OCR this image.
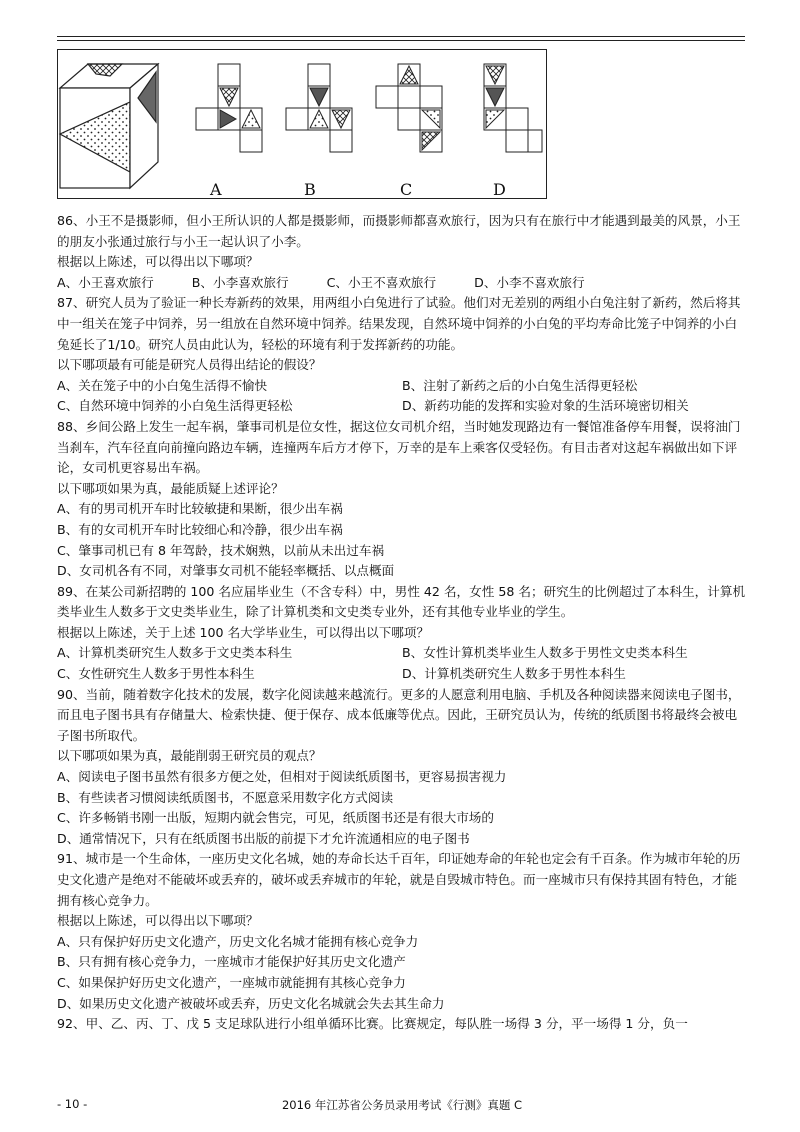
A	B	C	D

86、小王不是摄影师，但小王所认识的人都是摄影师，而摄影师都喜欢旅行，因为只有在旅行中才能遇到最美的风景，小王的朋友小张通过旅行与小王一起认识了小李。

根据以上陈述，可以得出以下哪项？

A、小王喜欢旅行	B、小李喜欢旅行	C、小王不喜欢旅行	D、小李不喜欢旅行

87、研究人员为了验证一种长寿新药的效果，用两组小白兔进行了试验。他们对无差别的两组小白兔注射了新药，然后将其中一组关在笼子中饲养，另一组放在自然环境中饲养。结果发现，自然环境中饲养的小白兔的平均寿命比笼子中饲养的小白兔延长了1/10。研究人员由此认为，轻松的环境有利于发挥新药的功能。

以下哪项最有可能是研究人员得出结论的假设？

A、关在笼子中的小白兔生活得不愉快	B、注射了新药之后的小白兔生活得更轻松
C、自然环境中饲养的小白兔生活得更轻松	D、新药功能的发挥和实验对象的生活环境密切相关

88、乡间公路上发生一起车祸，肇事司机是位女性，据这位女司机介绍，当时她发现路边有一餐馆准备停车用餐，误将油门当刹车，汽车径直向前撞向路边车辆，连撞两车后方才停下，万幸的是车上乘客仅受轻伤。有目击者对这起车祸做出如下评论，女司机更容易出车祸。

以下哪项如果为真，最能质疑上述评论？

A、有的男司机开车时比较敏捷和果断，很少出车祸

B、有的女司机开车时比较细心和冷静，很少出车祸

C、肇事司机已有 8 年驾龄，技术娴熟，以前从未出过车祸

D、女司机各有不同，对肇事女司机不能轻率概括、以点概面

89、在某公司新招聘的 100 名应届毕业生（不含专科）中，男性 42 名，女性 58 名；研究生的比例超过了本科生，计算机类毕业生人数多于文史类毕业生，除了计算机类和文史类专业外，还有其他专业毕业的学生。

根据以上陈述，关于上述 100 名大学毕业生，可以得出以下哪项？

A、计算机类研究生人数多于文史类本科生	B、女性计算机类毕业生人数多于男性文史类本科生
C、女性研究生人数多于男性本科生	D、计算机类研究生人数多于男性本科生

90、当前，随着数字化技术的发展，数字化阅读越来越流行。更多的人愿意利用电脑、手机及各种阅读器来阅读电子图书，而且电子图书具有存储量大、检索快捷、便于保存、成本低廉等优点。因此，王研究员认为，传统的纸质图书将最终会被电子图书所取代。

以下哪项如果为真，最能削弱王研究员的观点？

A、阅读电子图书虽然有很多方便之处，但相对于阅读纸质图书，更容易损害视力

B、有些读者习惯阅读纸质图书，不愿意采用数字化方式阅读

C、许多畅销书刚一出版，短期内就会售完，可见，纸质图书还是有很大市场的

D、通常情况下，只有在纸质图书出版的前提下才允许流通相应的电子图书

91、城市是一个生命体，一座历史文化名城，她的寿命长达千百年，印证她寿命的年轮也定会有千百条。作为城市年轮的历史文化遗产是绝对不能破坏或丢弃的，破坏或丢弃城市的年轮，就是自毁城市特色。而一座城市只有保持其固有特色，才能拥有核心竞争力。

根据以上陈述，可以得出以下哪项？

A、只有保护好历史文化遗产，历史文化名城才能拥有核心竞争力

B、只有拥有核心竞争力，一座城市才能保护好其历史文化遗产

C、如果保护好历史文化遗产，一座城市就能拥有其核心竞争力

D、如果历史文化遗产被破坏或丢弃，历史文化名城就会失去其生命力

92、甲、乙、丙、丁、戊 5 支足球队进行小组单循环比赛。比赛规定，每队胜一场得 3 分，平一场得 1 分，负一

- 10 -	2016 年江苏省公务员录用考试《行测》真题 C
